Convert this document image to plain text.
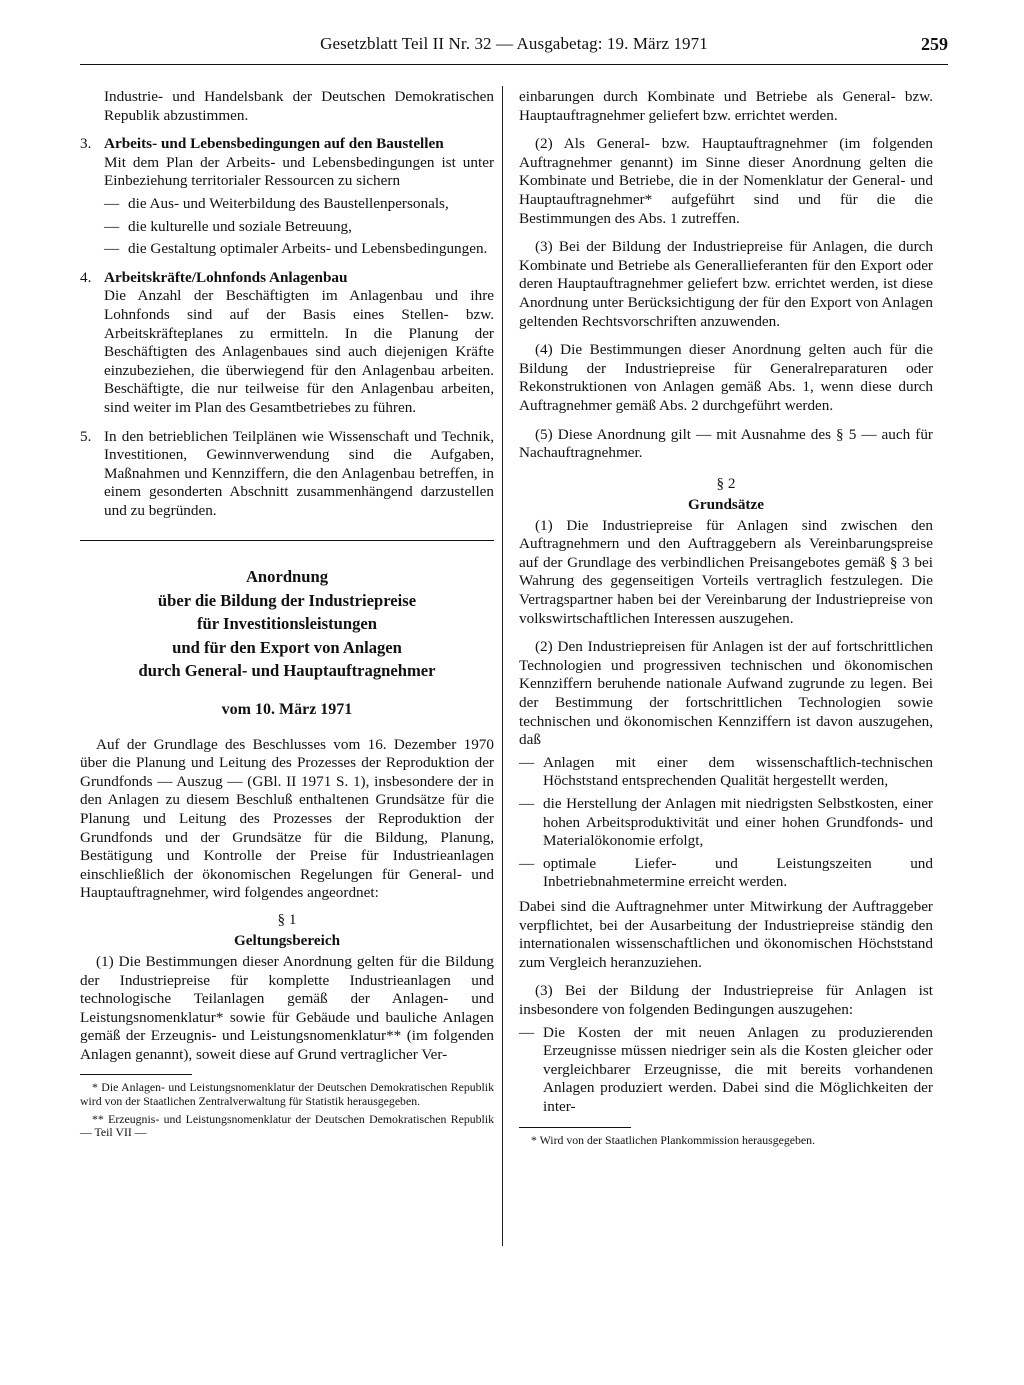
Gesetzblatt Teil II Nr. 32 — Ausgabetag: 19. März 1971	259

Industrie- und Handelsbank der Deutschen Demokratischen Republik abzustimmen.

3. Arbeits- und Lebensbedingungen auf den Baustellen

Mit dem Plan der Arbeits- und Lebensbedingungen ist unter Einbeziehung territorialer Ressourcen zu sichern

— die Aus- und Weiterbildung des Baustellenpersonals,
— die kulturelle und soziale Betreuung,
— die Gestaltung optimaler Arbeits- und Lebensbedingungen.
4. Arbeitskräfte/Lohnfonds Anlagenbau

Die Anzahl der Beschäftigten im Anlagenbau und ihre Lohnfonds sind auf der Basis eines Stellen- bzw. Arbeitskräfteplanes zu ermitteln. In die Planung der Beschäftigten des Anlagenbaues sind auch diejenigen Kräfte einzubeziehen, die überwiegend für den Anlagenbau arbeiten. Beschäftigte, die nur teilweise für den Anlagenbau arbeiten, sind weiter im Plan des Gesamtbetriebes zu führen.

5. In den betrieblichen Teilplänen wie Wissenschaft und Technik, Investitionen, Gewinnverwendung sind die Aufgaben, Maßnahmen und Kennziffern, die den Anlagenbau betreffen, in einem gesonderten Abschnitt zusammenhängend darzustellen und zu begründen.

Anordnung
über die Bildung der Industriepreise
für Investitionsleistungen
und für den Export von Anlagen
durch General- und Hauptauftragnehmer
vom 10. März 1971

Auf der Grundlage des Beschlusses vom 16. Dezember 1970 über die Planung und Leitung des Prozesses der Reproduktion der Grundfonds — Auszug — (GBl. II 1971 S. 1), insbesondere der in den Anlagen zu diesem Beschluß enthaltenen Grundsätze für die Planung und Leitung des Prozesses der Reproduktion der Grundfonds und der Grundsätze für die Bildung, Planung, Bestätigung und Kontrolle der Preise für Industrieanlagen einschließlich der ökonomischen Regelungen für General- und Hauptauftragnehmer, wird folgendes angeordnet:

§ 1
Geltungsbereich

(1) Die Bestimmungen dieser Anordnung gelten für die Bildung der Industriepreise für komplette Industrieanlagen und technologische Teilanlagen gemäß der Anlagen- und Leistungsnomenklatur* sowie für Gebäude und bauliche Anlagen gemäß der Erzeugnis- und Leistungsnomenklatur** (im folgenden Anlagen genannt), soweit diese auf Grund vertraglicher Ver-

* Die Anlagen- und Leistungsnomenklatur der Deutschen Demokratischen Republik wird von der Staatlichen Zentralverwaltung für Statistik herausgegeben.

** Erzeugnis- und Leistungsnomenklatur der Deutschen Demokratischen Republik — Teil VII —

einbarungen durch Kombinate und Betriebe als General- bzw. Hauptauftragnehmer geliefert bzw. errichtet werden.

(2) Als General- bzw. Hauptauftragnehmer (im folgenden Auftragnehmer genannt) im Sinne dieser Anordnung gelten die Kombinate und Betriebe, die in der Nomenklatur der General- und Hauptauftragnehmer* aufgeführt sind und für die die Bestimmungen des Abs. 1 zutreffen.

(3) Bei der Bildung der Industriepreise für Anlagen, die durch Kombinate und Betriebe als Generallieferanten für den Export oder deren Hauptauftragnehmer geliefert bzw. errichtet werden, ist diese Anordnung unter Berücksichtigung der für den Export von Anlagen geltenden Rechtsvorschriften anzuwenden.

(4) Die Bestimmungen dieser Anordnung gelten auch für die Bildung der Industriepreise für Generalreparaturen oder Rekonstruktionen von Anlagen gemäß Abs. 1, wenn diese durch Auftragnehmer gemäß Abs. 2 durchgeführt werden.

(5) Diese Anordnung gilt — mit Ausnahme des § 5 — auch für Nachauftragnehmer.

§ 2
Grundsätze

(1) Die Industriepreise für Anlagen sind zwischen den Auftragnehmern und den Auftraggebern als Vereinbarungspreise auf der Grundlage des verbindlichen Preisangebotes gemäß § 3 bei Wahrung des gegenseitigen Vorteils vertraglich festzulegen. Die Vertragspartner haben bei der Vereinbarung der Industriepreise von volkswirtschaftlichen Interessen auszugehen.

(2) Den Industriepreisen für Anlagen ist der auf fortschrittlichen Technologien und progressiven technischen und ökonomischen Kennziffern beruhende nationale Aufwand zugrunde zu legen. Bei der Bestimmung der fortschrittlichen Technologien sowie technischen und ökonomischen Kennziffern ist davon auszugehen, daß

— Anlagen mit einer dem wissenschaftlich-technischen Höchststand entsprechenden Qualität hergestellt werden,
— die Herstellung der Anlagen mit niedrigsten Selbstkosten, einer hohen Arbeitsproduktivität und einer hohen Grundfonds- und Materialökonomie erfolgt,
— optimale Liefer- und Leistungszeiten und Inbetriebnahmetermine erreicht werden.

Dabei sind die Auftragnehmer unter Mitwirkung der Auftraggeber verpflichtet, bei der Ausarbeitung der Industriepreise ständig den internationalen wissenschaftlichen und ökonomischen Höchststand zum Vergleich heranzuziehen.

(3) Bei der Bildung der Industriepreise für Anlagen ist insbesondere von folgenden Bedingungen auszugehen:

— Die Kosten der mit neuen Anlagen zu produzierenden Erzeugnisse müssen niedriger sein als die Kosten gleicher oder vergleichbarer Erzeugnisse, die mit bereits vorhandenen Anlagen produziert werden. Dabei sind die Möglichkeiten der inter-

* Wird von der Staatlichen Plankommission herausgegeben.
